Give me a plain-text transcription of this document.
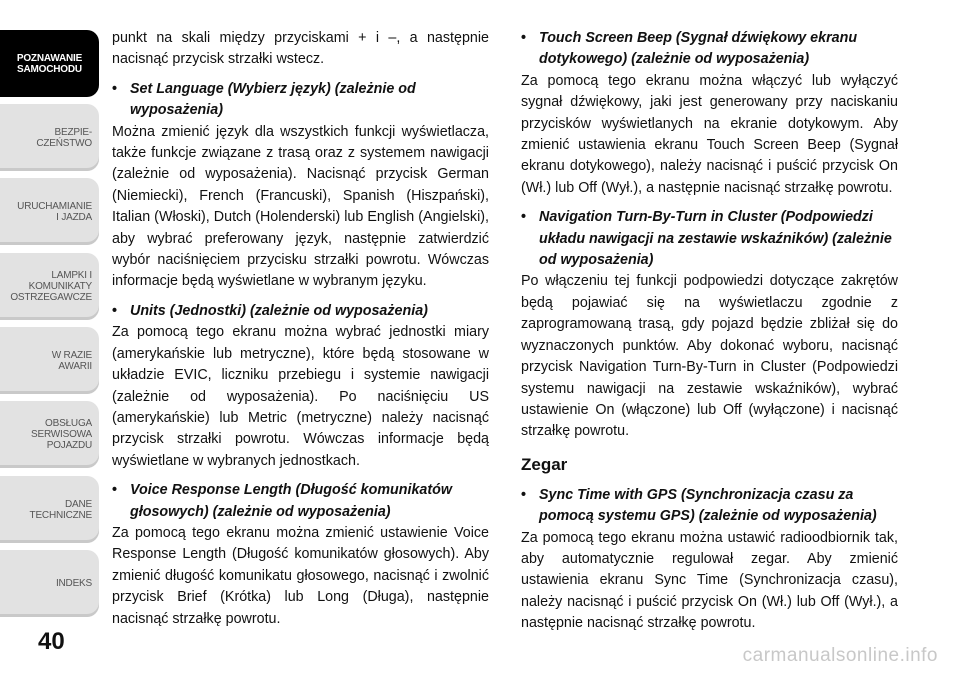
POZNAWANIE
SAMOCHODU
BEZPIE-
CZEŃSTWO
URUCHAMIANIE
I JAZDA
LAMPKI I
KOMUNIKATY
OSTRZEGAWCZE
W RAZIE
AWARII
OBSŁUGA
SERWISOWA
POJAZDU
DANE
TECHNICZNE
INDEKS
40

punkt na skali między przyciskami + i –, a następnie nacisnąć przycisk strzałki wstecz.

• Set Language (Wybierz język) (zależnie od wyposażenia)

Można zmienić język dla wszystkich funkcji wyświetlacza, także funkcje związane z trasą oraz z systemem nawigacji (zależnie od wyposażenia). Nacisnąć przycisk German (Niemiecki), French (Francuski), Spanish (Hiszpański), Italian (Włoski), Dutch (Holenderski) lub English (Angielski), aby wybrać preferowany język, następnie zatwierdzić wybór naciśnięciem przycisku strzałki powrotu. Wówczas informacje będą wyświetlane w wybranym języku.

• Units (Jednostki) (zależnie od wyposażenia)

Za pomocą tego ekranu można wybrać jednostki miary (amerykańskie lub metryczne), które będą stosowane w układzie EVIC, liczniku przebiegu i systemie nawigacji (zależnie od wyposażenia). Po naciśnięciu US (amerykańskie) lub Metric (metryczne) należy nacisnąć przycisk strzałki powrotu. Wówczas informacje będą wyświetlane w wybranych jednostkach.

• Voice Response Length (Długość komunikatów głosowych) (zależnie od wyposażenia)

Za pomocą tego ekranu można zmienić ustawienie Voice Response Length (Długość komunikatów głosowych). Aby zmienić długość komunikatu głosowego, nacisnąć i zwolnić przycisk Brief (Krótka) lub Long (Długa), następnie nacisnąć strzałkę powrotu.

• Touch Screen Beep (Sygnał dźwiękowy ekranu dotykowego) (zależnie od wyposażenia)

Za pomocą tego ekranu można włączyć lub wyłączyć sygnał dźwiękowy, jaki jest generowany przy naciskaniu przycisków wyświetlanych na ekranie dotykowym. Aby zmienić ustawienia ekranu Touch Screen Beep (Sygnał ekranu dotykowego), należy nacisnąć i puścić przycisk On (Wł.) lub Off (Wył.), a następnie nacisnąć strzałkę powrotu.

• Navigation Turn-By-Turn in Cluster (Podpowiedzi układu nawigacji na zestawie wskaźników) (zależnie od wyposażenia)

Po włączeniu tej funkcji podpowiedzi dotyczące zakrętów będą pojawiać się na wyświetlaczu zgodnie z zaprogramowaną trasą, gdy pojazd będzie zbliżał się do wyznaczonych punktów. Aby dokonać wyboru, nacisnąć przycisk Navigation Turn-By-Turn in Cluster (Podpowiedzi systemu nawigacji na zestawie wskaźników), wybrać ustawienie On (włączone) lub Off (wyłączone) i nacisnąć strzałkę powrotu.

Zegar

• Sync Time with GPS (Synchronizacja czasu za pomocą systemu GPS) (zależnie od wyposażenia)

Za pomocą tego ekranu można ustawić radioodbiornik tak, aby automatycznie regulował zegar. Aby zmienić ustawienia ekranu Sync Time (Synchronizacja czasu), należy nacisnąć i puścić przycisk On (Wł.) lub Off (Wył.), a następnie nacisnąć strzałkę powrotu.

carmanualsonline.info
